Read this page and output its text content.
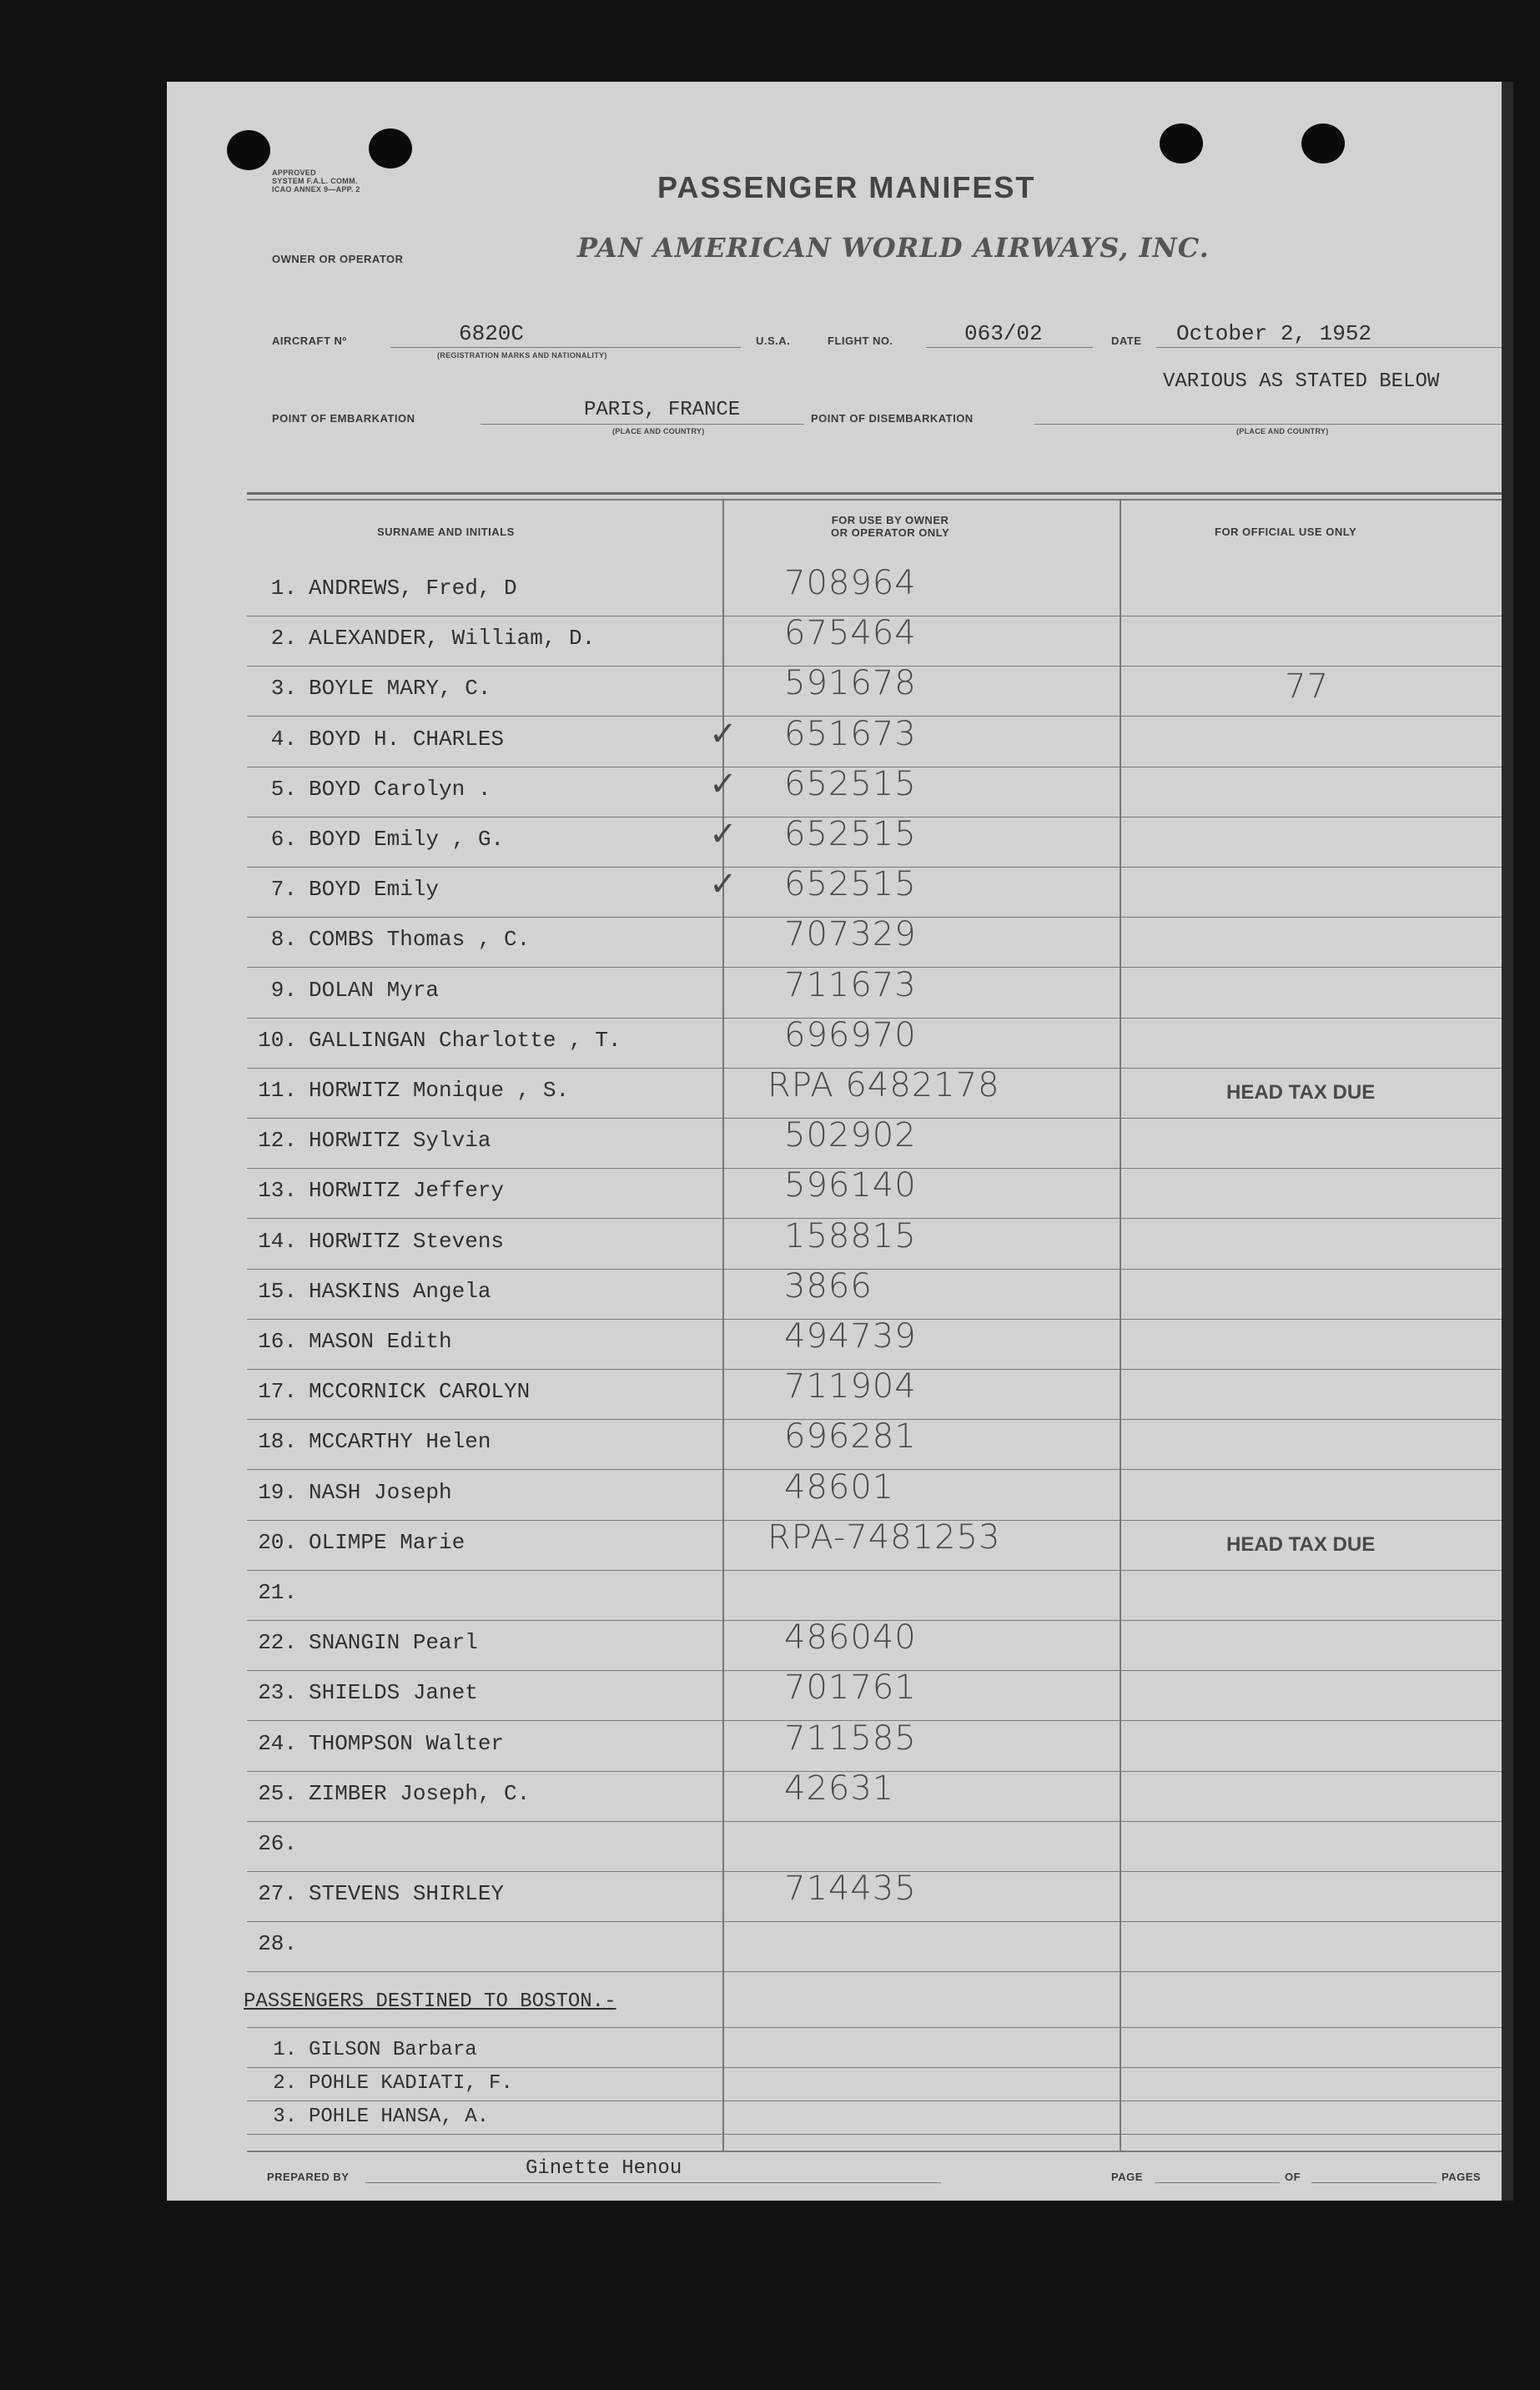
APPROVED
SYSTEM F.A.L. COMM.
ICAO ANNEX 9—APP. 2	PASSENGER MANIFEST
OWNER OR OPERATOR	PAN AMERICAN WORLD AIRWAYS, INC.
AIRCRAFT Nº	6820C
(REGISTRATION MARKS AND NATIONALITY)
U.S.A.	FLIGHT NO.	063/02	DATE October 2, 1952
POINT OF EMBARKATION	PARIS, FRANCE
(PLACE AND COUNTRY)
POINT OF DISEMBARKATION
VARIOUS AS STATED BELOW
(PLACE AND COUNTRY)
SURNAME AND INITIALS
FOR USE BY OWNER
OR OPERATOR ONLY	FOR OFFICIAL USE ONLY
1. ANDREWS, Fred, D	708964
2. ALEXANDER, William, D.	675464
3. BOYLE MARY, C.	591678	77
4. BOYD H. CHARLES	✓ 651673
5. BOYD Carolyn .	✓ 652515
6. BOYD Emily , G.	✓ 652515
7. BOYD Emily	✓ 652515
8. COMBS Thomas , C.	707329
9. DOLAN Myra	711673
10. GALLINGAN Charlotte , T.	696970
11. HORWITZ Monique , S.	RPA 6482178	HEAD TAX DUE
12. HORWITZ Sylvia	502902
13. HORWITZ Jeffery	596140
14. HORWITZ Stevens	158815
15. HASKINS Angela	3866
16. MASON Edith	494739
17. MCCORNICK CAROLYN	711904
18. MCCARTHY Helen	696281
19. NASH Joseph	48601
20. OLIMPE Marie	RPA-7481253	HEAD TAX DUE
21.
22. SNANGIN Pearl	486040
23. SHIELDS Janet	701761
24. THOMPSON Walter	711585
25. ZIMBER Joseph, C.	42631
26.
27. STEVENS SHIRLEY	714435
28.
PASSENGERS DESTINED TO BOSTON.-
1. GILSON Barbara
2. POHLE KADIATI, F.
3. POHLE HANSA, A.
PREPARED BY	Ginette Henou	PAGE	OF	PAGES
